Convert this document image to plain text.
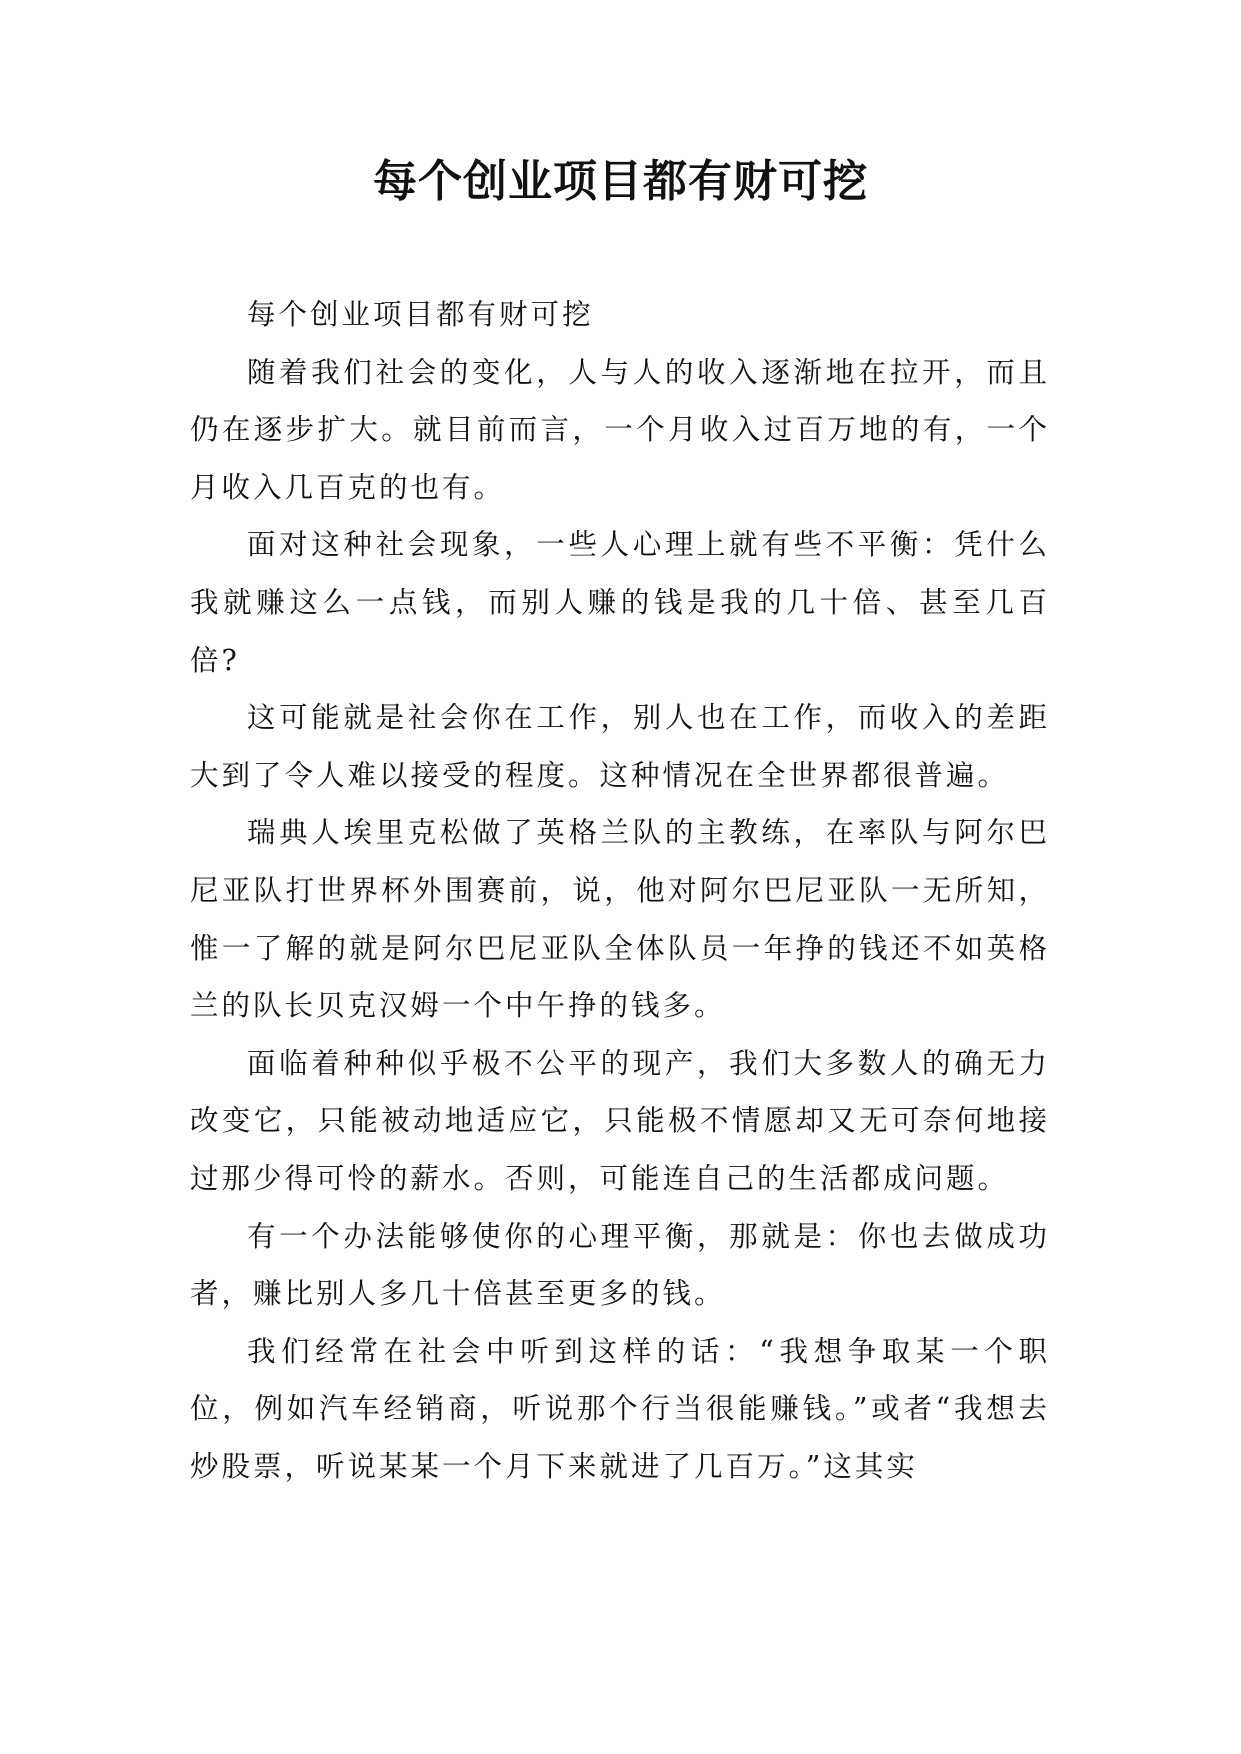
每个创业项目都有财可挖

每个创业项目都有财可挖

随着我们社会的变化，人与人的收入逐渐地在拉开，而且仍在逐步扩大。就目前而言，一个月收入过百万地的有，一个月收入几百克的也有。

面对这种社会现象，一些人心理上就有些不平衡：凭什么我就赚这么一点钱，而别人赚的钱是我的几十倍、甚至几百倍?

这可能就是社会你在工作，别人也在工作，而收入的差距大到了令人难以接受的程度。这种情况在全世界都很普遍。

瑞典人埃里克松做了英格兰队的主教练，在率队与阿尔巴尼亚队打世界杯外围赛前，说，他对阿尔巴尼亚队一无所知，惟一了解的就是阿尔巴尼亚队全体队员一年挣的钱还不如英格兰的队长贝克汉姆一个中午挣的钱多。

面临着种种似乎极不公平的现产，我们大多数人的确无力改变它，只能被动地适应它，只能极不情愿却又无可奈何地接过那少得可怜的薪水。否则，可能连自己的生活都成问题。

有一个办法能够使你的心理平衡，那就是：你也去做成功者，赚比别人多几十倍甚至更多的钱。

我们经常在社会中听到这样的话：“我想争取某一个职位，例如汽车经销商，听说那个行当很能赚钱。”或者“我想去炒股票，听说某某一个月下来就进了几百万。”这其实
